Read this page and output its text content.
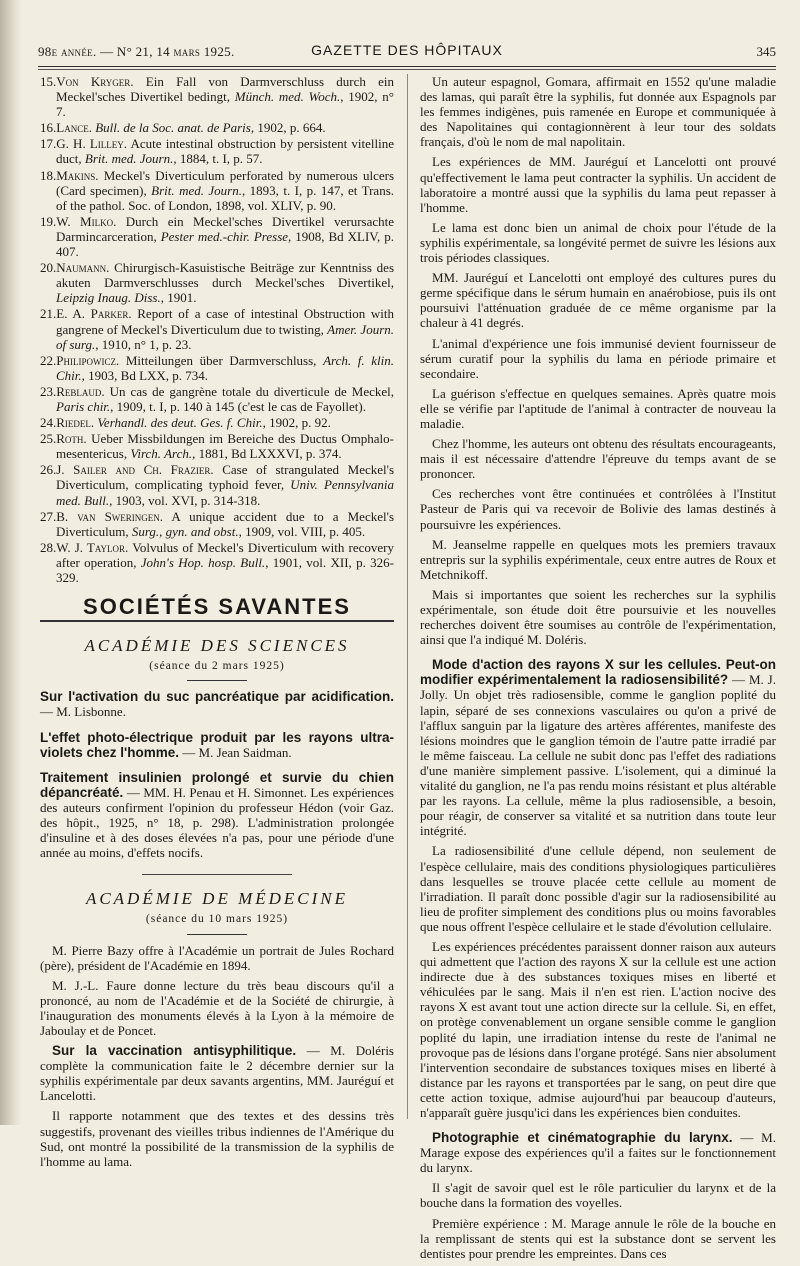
98e année. — N° 21, 14 mars 1925.	GAZETTE DES HÔPITAUX	345
15.Von Kryger. Ein Fall von Darmverschluss durch ein Meckel'sches Divertikel bedingt, Münch. med. Woch., 1902, n° 7.
16.Lance. Bull. de la Soc. anat. de Paris, 1902, p. 664.
17.G. H. Lilley. Acute intestinal obstruction by persistent vitelline duct, Brit. med. Journ., 1884, t. I, p. 57.
18.Makins. Meckel's Diverticulum perforated by numerous ulcers (Card specimen), Brit. med. Journ., 1893, t. I, p. 147, et Trans. of the pathol. Soc. of London, 1898, vol. XLIV, p. 90.
19.W. Milko. Durch ein Meckel'sches Divertikel verursachte Darmincarceration, Pester med.-chir. Presse, 1908, Bd XLIV, p. 407.
20.Naumann. Chirurgisch-Kasuistische Beiträge zur Kenntniss des akuten Darmverschlusses durch Meckel'sches Divertikel, Leipzig Inaug. Diss., 1901.
21.E. A. Parker. Report of a case of intestinal Obstruction with gangrene of Meckel's Diverticulum due to twisting, Amer. Journ. of surg., 1910, n° 1, p. 23.
22.Philipowicz. Mitteilungen über Darmverschluss, Arch. f. klin. Chir., 1903, Bd LXX, p. 734.
23.Reblaud. Un cas de gangrène totale du diverticule de Meckel, Paris chir., 1909, t. I, p. 140 à 145 (c'est le cas de Fayollet).
24.Riedel. Verhandl. des deut. Ges. f. Chir., 1902, p. 92.
25.Roth. Ueber Missbildungen im Bereiche des Ductus Omphalo-mesentericus, Virch. Arch., 1881, Bd LXXXVI, p. 374.
26.J. Sailer and Ch. Frazier. Case of strangulated Meckel's Diverticulum, complicating typhoid fever, Univ. Pennsylvania med. Bull., 1903, vol. XVI, p. 314-318.
27.B. van Sweringen. A unique accident due to a Meckel's Diverticulum, Surg., gyn. and obst., 1909, vol. VIII, p. 405.
28.W. J. Taylor. Volvulus of Meckel's Diverticulum with recovery after operation, John's Hop. hosp. Bull., 1901, vol. XII, p. 326-329.
SOCIÉTÉS SAVANTES
ACADÉMIE DES SCIENCES
(séance du 2 mars 1925)
Sur l'activation du suc pancréatique par acidification. — M. Lisbonne.
L'effet photo-électrique produit par les rayons ultra-violets chez l'homme. — M. Jean Saidman.
Traitement insulinien prolongé et survie du chien dépancréaté. — MM. H. Penau et H. Simonnet. Les expériences des auteurs confirment l'opinion du professeur Hédon (voir Gaz. des hôpit., 1925, n° 18, p. 298). L'administration prolongée d'insuline et à des doses élevées n'a pas, pour une période d'une année au moins, d'effets nocifs.
ACADÉMIE DE MÉDECINE
(séance du 10 mars 1925)
M. Pierre Bazy offre à l'Académie un portrait de Jules Rochard (père), président de l'Académie en 1894.
M. J.-L. Faure donne lecture du très beau discours qu'il a prononcé, au nom de l'Académie et de la Société de chirurgie, à l'inauguration des monuments élevés à la Lyon à la mémoire de Jaboulay et de Poncet.
Sur la vaccination antisyphilitique. — M. Doléris complète la communication faite le 2 décembre dernier sur la syphilis expérimentale par deux savants argentins, MM. Jauréguí et Lancelotti.
Il rapporte notamment que des textes et des dessins très suggestifs, provenant des vieilles tribus indiennes de l'Amérique du Sud, ont montré la possibilité de la transmission de la syphilis de l'homme au lama.
Un auteur espagnol, Gomara, affirmait en 1552 qu'une maladie des lamas, qui paraît être la syphilis, fut donnée aux Espagnols par les femmes indigènes, puis ramenée en Europe et communiquée à des Napolitaines qui contagionnèrent à leur tour des soldats français, d'où le nom de mal napolitain.
Les expériences de MM. Jauréguí et Lancelotti ont prouvé qu'effectivement le lama peut contracter la syphilis. Un accident de laboratoire a montré aussi que la syphilis du lama peut repasser à l'homme.
Le lama est donc bien un animal de choix pour l'étude de la syphilis expérimentale, sa longévité permet de suivre les lésions aux trois périodes classiques.
MM. Jauréguí et Lancelotti ont employé des cultures pures du germe spécifique dans le sérum humain en anaérobiose, puis ils ont poursuivi l'atténuation graduée de ce même organisme par la chaleur à 41 degrés.
L'animal d'expérience une fois immunisé devient fournisseur de sérum curatif pour la syphilis du lama en période primaire et secondaire.
La guérison s'effectue en quelques semaines. Après quatre mois elle se vérifie par l'aptitude de l'animal à contracter de nouveau la maladie.
Chez l'homme, les auteurs ont obtenu des résultats encourageants, mais il est nécessaire d'attendre l'épreuve du temps avant de se prononcer.
Ces recherches vont être continuées et contrôlées à l'Institut Pasteur de Paris qui va recevoir de Bolivie des lamas destinés à poursuivre les expériences.
M. Jeanselme rappelle en quelques mots les premiers travaux entrepris sur la syphilis expérimentale, ceux entre autres de Roux et Metchnikoff.
Mais si importantes que soient les recherches sur la syphilis expérimentale, son étude doit être poursuivie et les nouvelles recherches doivent être soumises au contrôle de l'expérimentation, ainsi que l'a indiqué M. Doléris.
Mode d'action des rayons X sur les cellules. Peut-on modifier expérimentalement la radiosensibilité? — M. J. Jolly. Un objet très radiosensible, comme le ganglion poplité du lapin, séparé de ses connexions vasculaires ou qu'on a privé de l'afflux sanguin par la ligature des artères afférentes, manifeste des lésions moindres que le ganglion témoin de l'autre patte irradié par le même faisceau. La cellule ne subit donc pas l'effet des radiations d'une manière simplement passive. L'isolement, qui a diminué la vitalité du ganglion, ne l'a pas rendu moins résistant et plus altérable par les rayons. La cellule, même la plus radiosensible, a besoin, pour réagir, de conserver sa vitalité et sa nutrition dans toute leur intégrité.
La radiosensibilité d'une cellule dépend, non seulement de l'espèce cellulaire, mais des conditions physiologiques particulières dans lesquelles se trouve placée cette cellule au moment de l'irradiation. Il paraît donc possible d'agir sur la radiosensibilité au lieu de profiter simplement des conditions plus ou moins favorables que nous offrent l'espèce cellulaire et le stade d'évolution cellulaire.
Les expériences précédentes paraissent donner raison aux auteurs qui admettent que l'action des rayons X sur la cellule est une action indirecte due à des substances toxiques mises en liberté et véhiculées par le sang. Mais il n'en est rien. L'action nocive des rayons X est avant tout une action directe sur la cellule. Si, en effet, on protège convenablement un organe sensible comme le ganglion poplité du lapin, une irradiation intense du reste de l'animal ne provoque pas de lésions dans l'organe protégé. Sans nier absolument l'intervention secondaire de substances toxiques mises en liberté à distance par les rayons et transportées par le sang, on peut dire que cette action toxique, admise aujourd'hui par beaucoup d'auteurs, n'apparaît guère jusqu'ici dans les expériences bien conduites.
Photographie et cinématographie du larynx. — M. Marage expose des expériences qu'il a faites sur le fonctionnement du larynx.
Il s'agit de savoir quel est le rôle particulier du larynx et de la bouche dans la formation des voyelles.
Première expérience : M. Marage annule le rôle de la bouche en la remplissant de stents qui est la substance dont se servent les dentistes pour prendre les empreintes. Dans ces
